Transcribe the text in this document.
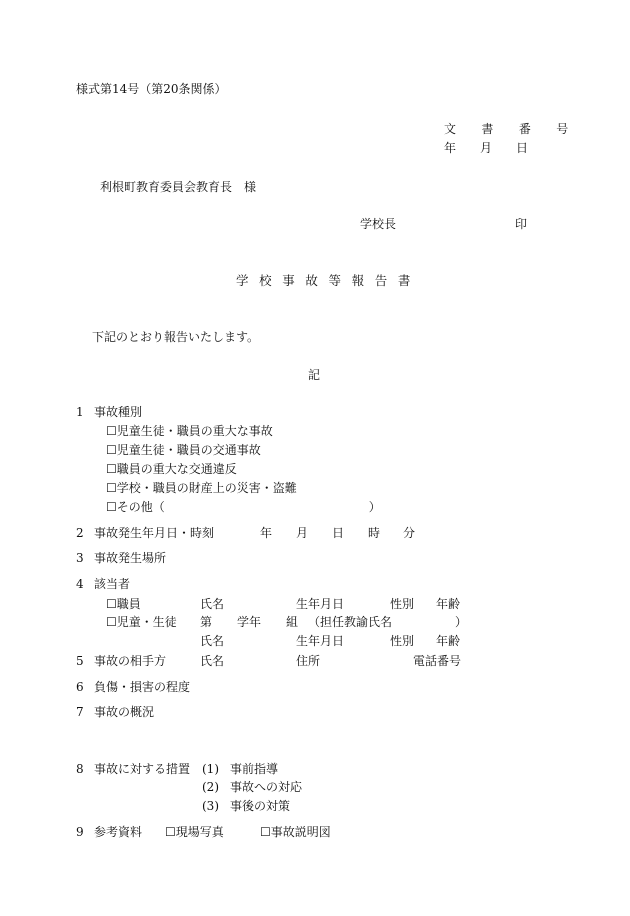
様式第14号（第20条関係）
文 書 番 号
年　　月　　日
利根町教育委員会教育長　様
学校長	印
学校事故等報告書
下記のとおり報告いたします。
記
1 事故種別
☐児童生徒・職員の重大な事故
☐児童生徒・職員の交通事故
☐職員の重大な交通違反
☐学校・職員の財産上の災害・盗難
☐その他（　　　　　　　　　　　　　　　　　）
2 事故発生年月日・時刻	年 月 日 時 分
3 事故発生場所
4 該当者
☐職員	氏名	生年月日	性別 年齢
☐児童・生徒 第 学年 組 （担任教諭氏名	）
氏名	生年月日	性別 年齢
5 事故の相手方	氏名	住所	電話番号
6 負傷・損害の程度
7 事故の概況
8 事故に対する措置 (1) 事前指導
(2) 事故への対応
(3) 事後の対策
9 参考資料 ☐現場写真	☐事故説明図
